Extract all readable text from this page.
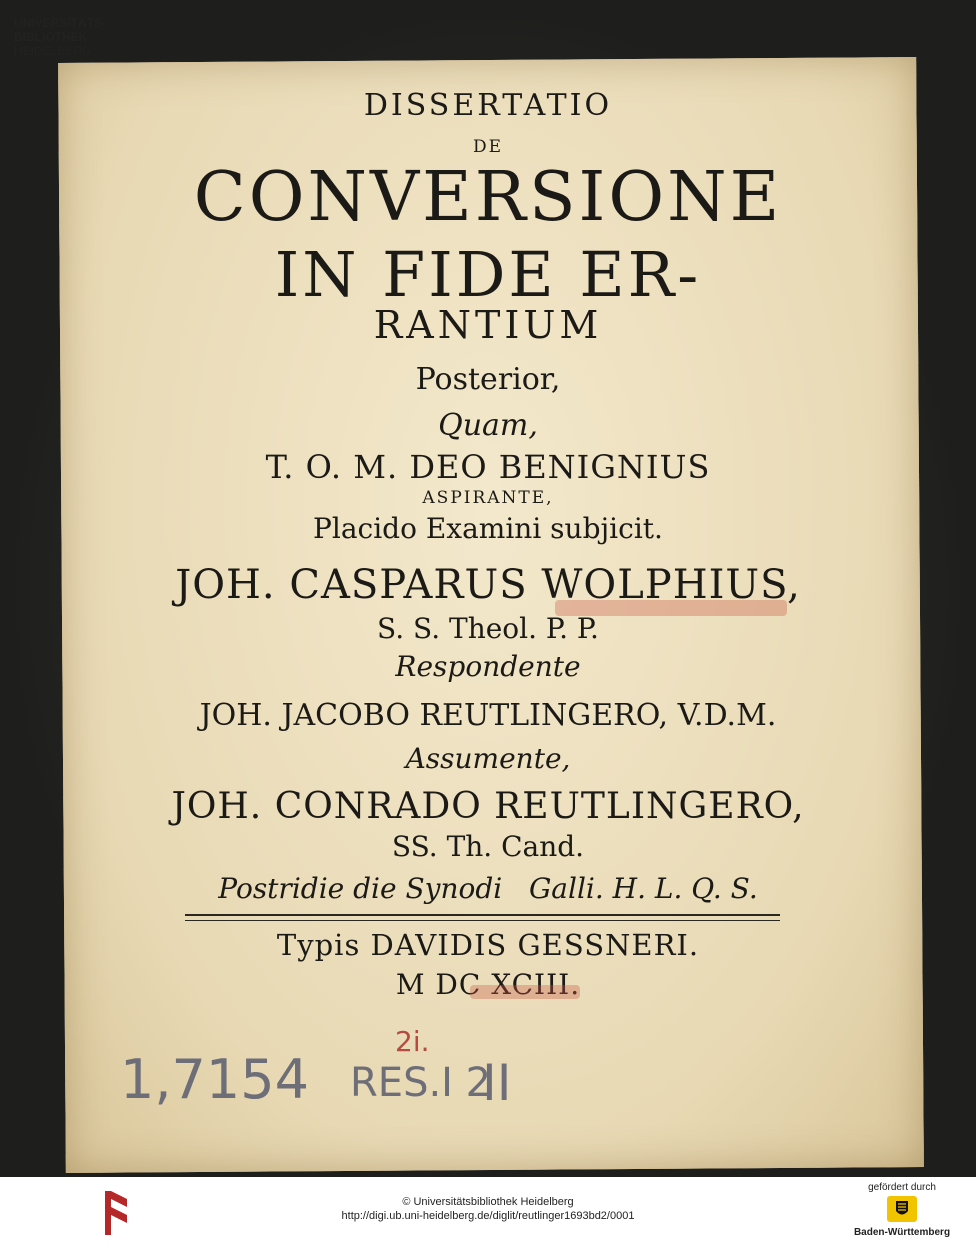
DISSERTATIO
DE
CONVERSIONE
IN FIDE ER-
RANTIUM
Posterior,
Quam,
T. O. M. DEO BENIGNIUS
ASPIRANTE,
Placido Examini subjicit.
JOH. CASPARUS WOLPHIUS,
S. S. Theol. P. P.
Respondente
JOH. JACOBO REUTLINGERO, V.D.M.
Assumente,
JOH. CONRADO REUTLINGERO,
SS. Th. Cand.
Postridie die Synodi   Galli. H. L. Q. S.
Typis DAVIDIS GESSNERI.
M DC XCIII.
1,7154 RES.I 2
II
2i.
UNIVERSITÄTS-
BIBLIOTHEK
HEIDELBERG
© Universitätsbibliothek Heidelberg
http://digi.ub.uni-heidelberg.de/diglit/reutlinger1693bd2/0001
gefördert durch
Baden-Württemberg
